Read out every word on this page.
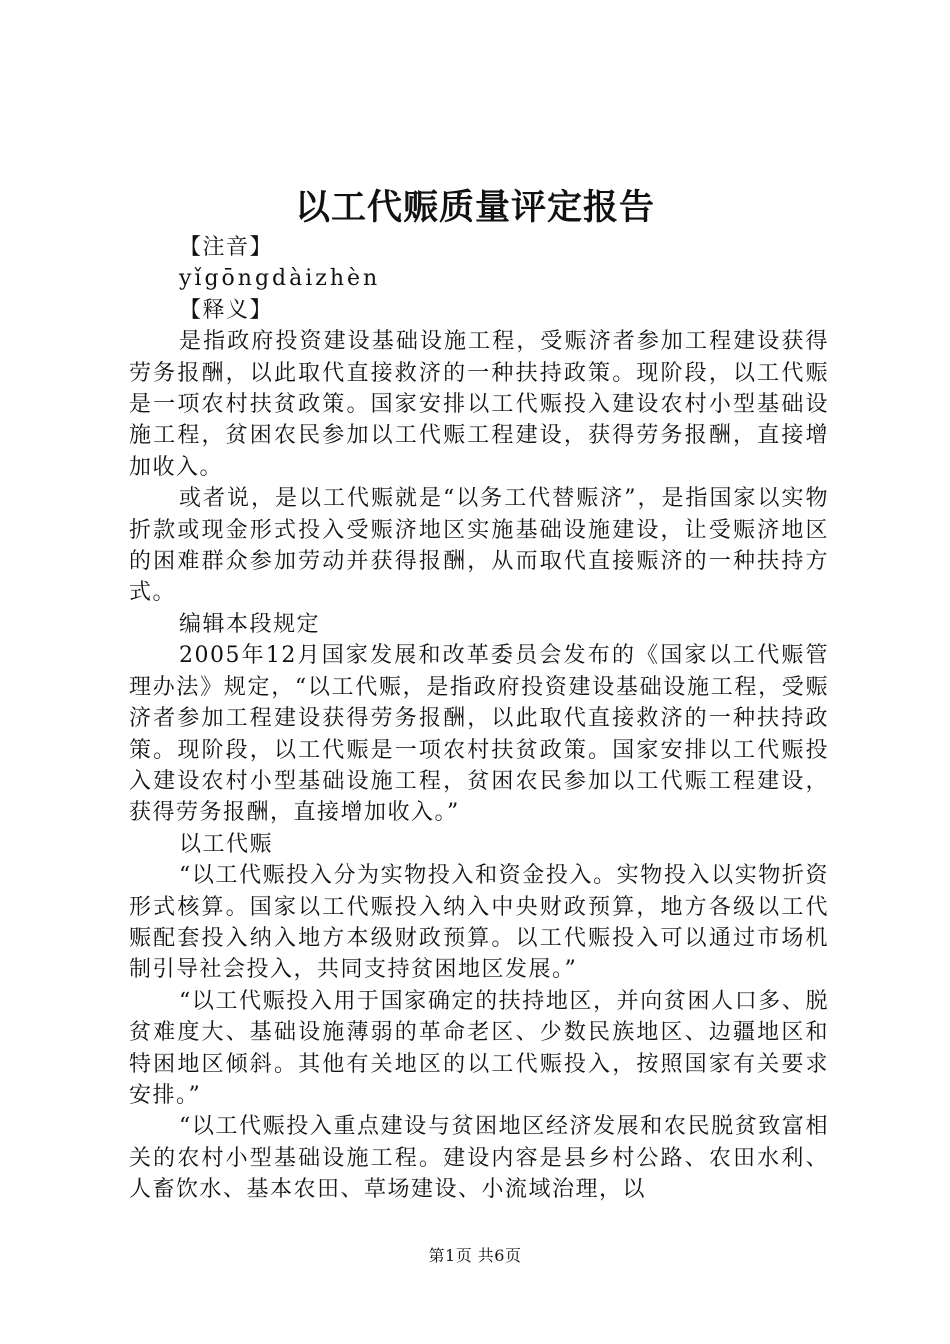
以工代赈质量评定报告

【注音】

yǐgōngdàizhèn

【释义】

是指政府投资建设基础设施工程，受赈济者参加工程建设获得劳务报酬，以此取代直接救济的一种扶持政策。现阶段，以工代赈是一项农村扶贫政策。国家安排以工代赈投入建设农村小型基础设施工程，贫困农民参加以工代赈工程建设，获得劳务报酬，直接增加收入。

或者说，是以工代赈就是“以务工代替赈济”，是指国家以实物折款或现金形式投入受赈济地区实施基础设施建设，让受赈济地区的困难群众参加劳动并获得报酬，从而取代直接赈济的一种扶持方式。

编辑本段规定

2005年12月国家发展和改革委员会发布的《国家以工代赈管理办法》规定，“以工代赈，是指政府投资建设基础设施工程，受赈济者参加工程建设获得劳务报酬，以此取代直接救济的一种扶持政策。现阶段，以工代赈是一项农村扶贫政策。国家安排以工代赈投入建设农村小型基础设施工程，贫困农民参加以工代赈工程建设，获得劳务报酬，直接增加收入。”

以工代赈

“以工代赈投入分为实物投入和资金投入。实物投入以实物折资形式核算。国家以工代赈投入纳入中央财政预算，地方各级以工代赈配套投入纳入地方本级财政预算。以工代赈投入可以通过市场机制引导社会投入，共同支持贫困地区发展。”

“以工代赈投入用于国家确定的扶持地区，并向贫困人口多、脱贫难度大、基础设施薄弱的革命老区、少数民族地区、边疆地区和特困地区倾斜。其他有关地区的以工代赈投入，按照国家有关要求安排。”

“以工代赈投入重点建设与贫困地区经济发展和农民脱贫致富相关的农村小型基础设施工程。建设内容是县乡村公路、农田水利、人畜饮水、基本农田、草场建设、小流域治理，以

第1页 共6页
